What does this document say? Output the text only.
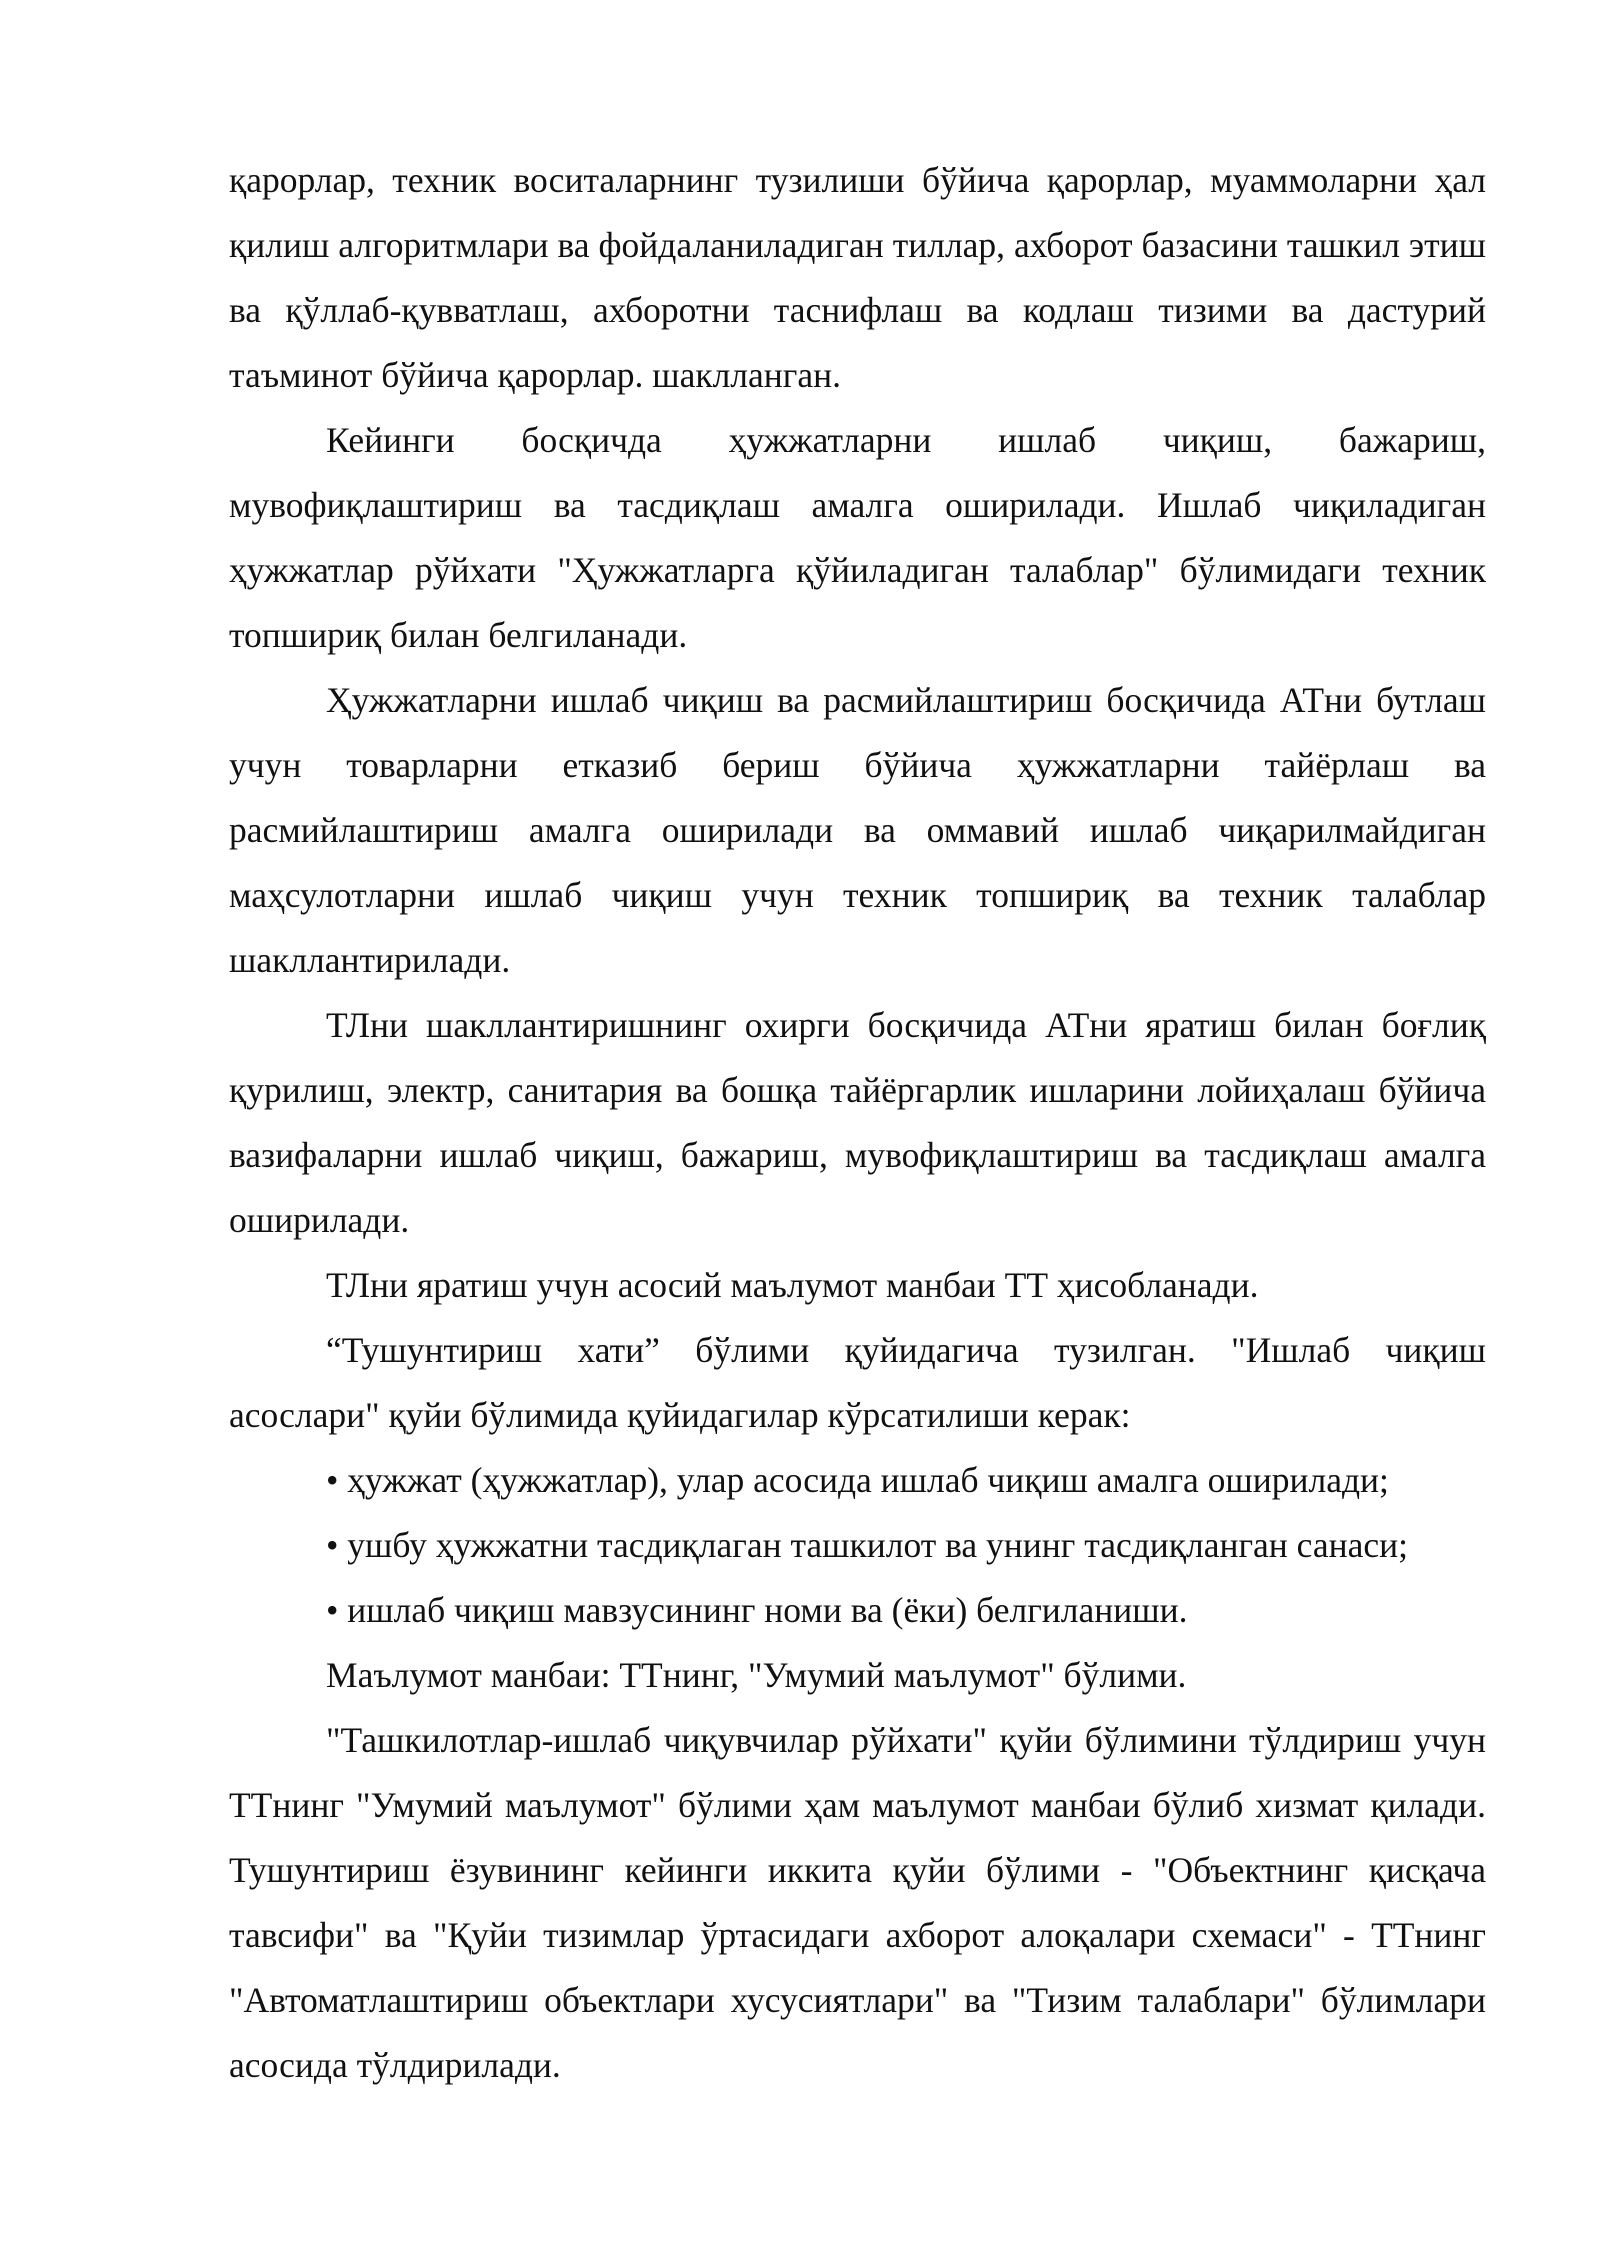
қарорлар, техник воситаларнинг тузилиши бўйича қарорлар, муаммоларни ҳал қилиш алгоритмлари ва фойдаланиладиган тиллар, ахборот базасини ташкил этиш ва қўллаб-қувватлаш, ахборотни таснифлаш ва кодлаш тизими ва дастурий таъминот бўйича қарорлар. шаклланган.

Кейинги босқичда ҳужжатларни ишлаб чиқиш, бажариш, мувофиқлаштириш ва тасдиқлаш амалга оширилади. Ишлаб чиқиладиган ҳужжатлар рўйхати "Ҳужжатларга қўйиладиган талаблар" бўлимидаги техник топшириқ билан белгиланади.

Ҳужжатларни ишлаб чиқиш ва расмийлаштириш босқичида АТни бутлаш учун товарларни етказиб бериш бўйича ҳужжатларни тайёрлаш ва расмийлаштириш амалга оширилади ва оммавий ишлаб чиқарилмайдиган маҳсулотларни ишлаб чиқиш учун техник топшириқ ва техник талаблар шакллантирилади.

ТЛни шакллантиришнинг охирги босқичида АТни яратиш билан боғлиқ қурилиш, электр, санитария ва бошқа тайёргарлик ишларини лойиҳалаш бўйича вазифаларни ишлаб чиқиш, бажариш, мувофиқлаштириш ва тасдиқлаш амалга оширилади.

ТЛни яратиш учун асосий маълумот манбаи ТТ ҳисобланади.

“Тушунтириш хати” бўлими қуйидагича тузилган. "Ишлаб чиқиш асослари" қуйи бўлимида қуйидагилар кўрсатилиши керак:

• ҳужжат (ҳужжатлар), улар асосида ишлаб чиқиш амалга оширилади;

• ушбу ҳужжатни тасдиқлаган ташкилот ва унинг тасдиқланган санаси;

• ишлаб чиқиш мавзусининг номи ва (ёки) белгиланиши.

Маълумот манбаи: ТТнинг, "Умумий маълумот" бўлими.

"Ташкилотлар-ишлаб чиқувчилар рўйхати" қуйи бўлимини тўлдириш учун ТТнинг "Умумий маълумот" бўлими ҳам маълумот манбаи бўлиб хизмат қилади. Тушунтириш ёзувининг кейинги иккита қуйи бўлими - "Объектнинг қисқача тавсифи" ва "Қуйи тизимлар ўртасидаги ахборот алоқалари схемаси" - ТТнинг "Автоматлаштириш объектлари хусусиятлари" ва "Тизим талаблари" бўлимлари асосида тўлдирилади.
